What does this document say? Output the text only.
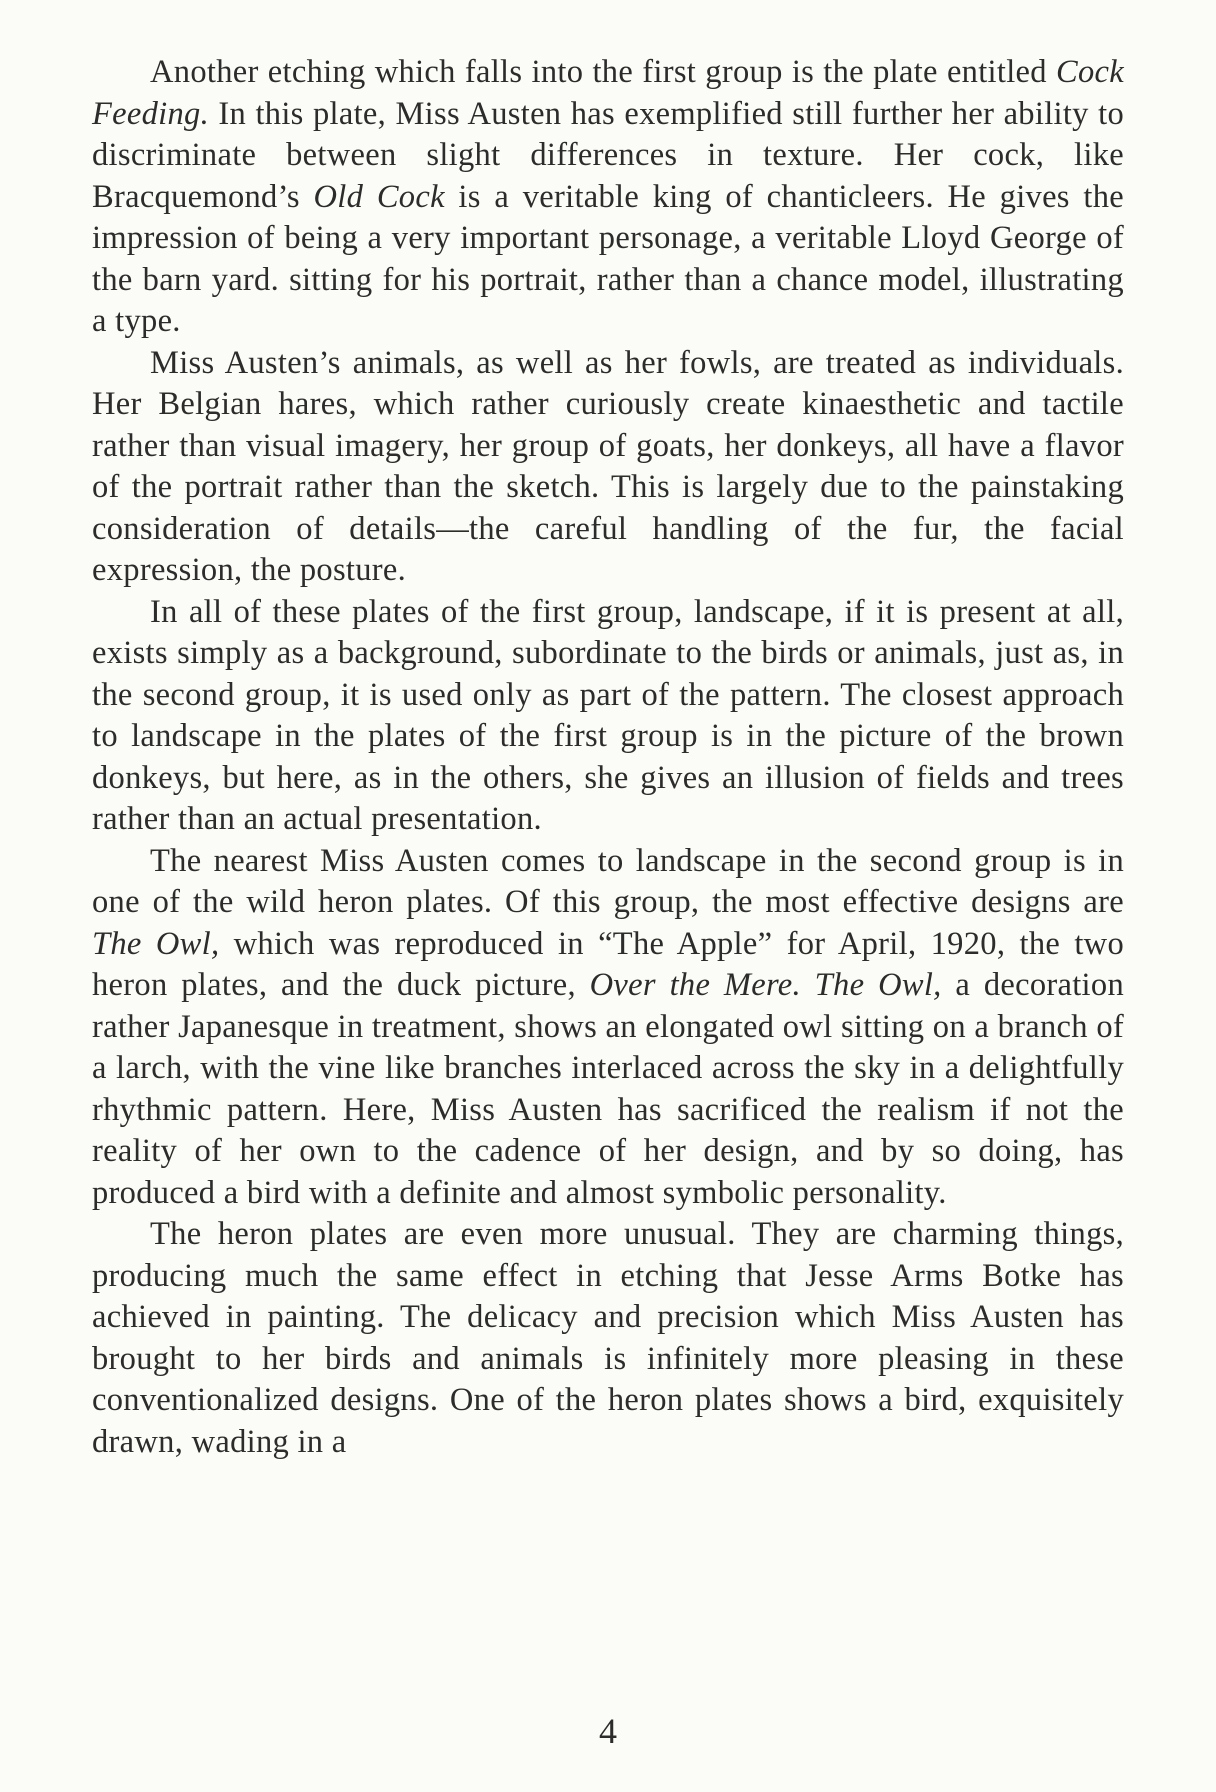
Another etching which falls into the first group is the plate entitled Cock Feeding. In this plate, Miss Austen has exemplified still further her ability to discriminate between slight differences in texture. Her cock, like Bracquemond’s Old Cock is a veritable king of chanticleers. He gives the impression of being a very important personage, a veritable Lloyd George of the barn yard. sitting for his portrait, rather than a chance model, illustrating a type.

Miss Austen’s animals, as well as her fowls, are treated as individuals. Her Belgian hares, which rather curiously create kinaesthetic and tactile rather than visual imagery, her group of goats, her donkeys, all have a flavor of the portrait rather than the sketch. This is largely due to the painstaking consideration of details—the careful handling of the fur, the facial expression, the posture.

In all of these plates of the first group, landscape, if it is present at all, exists simply as a background, subordinate to the birds or animals, just as, in the second group, it is used only as part of the pattern. The closest approach to landscape in the plates of the first group is in the picture of the brown donkeys, but here, as in the others, she gives an illusion of fields and trees rather than an actual presentation.

The nearest Miss Austen comes to landscape in the second group is in one of the wild heron plates. Of this group, the most effective designs are The Owl, which was reproduced in “The Apple” for April, 1920, the two heron plates, and the duck picture, Over the Mere. The Owl, a decoration rather Japanesque in treatment, shows an elongated owl sitting on a branch of a larch, with the vine like branches interlaced across the sky in a delightfully rhythmic pattern. Here, Miss Austen has sacrificed the realism if not the reality of her own to the cadence of her design, and by so doing, has produced a bird with a definite and almost symbolic personality.

The heron plates are even more unusual. They are charming things, producing much the same effect in etching that Jesse Arms Botke has achieved in painting. The delicacy and precision which Miss Austen has brought to her birds and animals is infinitely more pleasing in these conventionalized designs. One of the heron plates shows a bird, exquisitely drawn, wading in a

4
